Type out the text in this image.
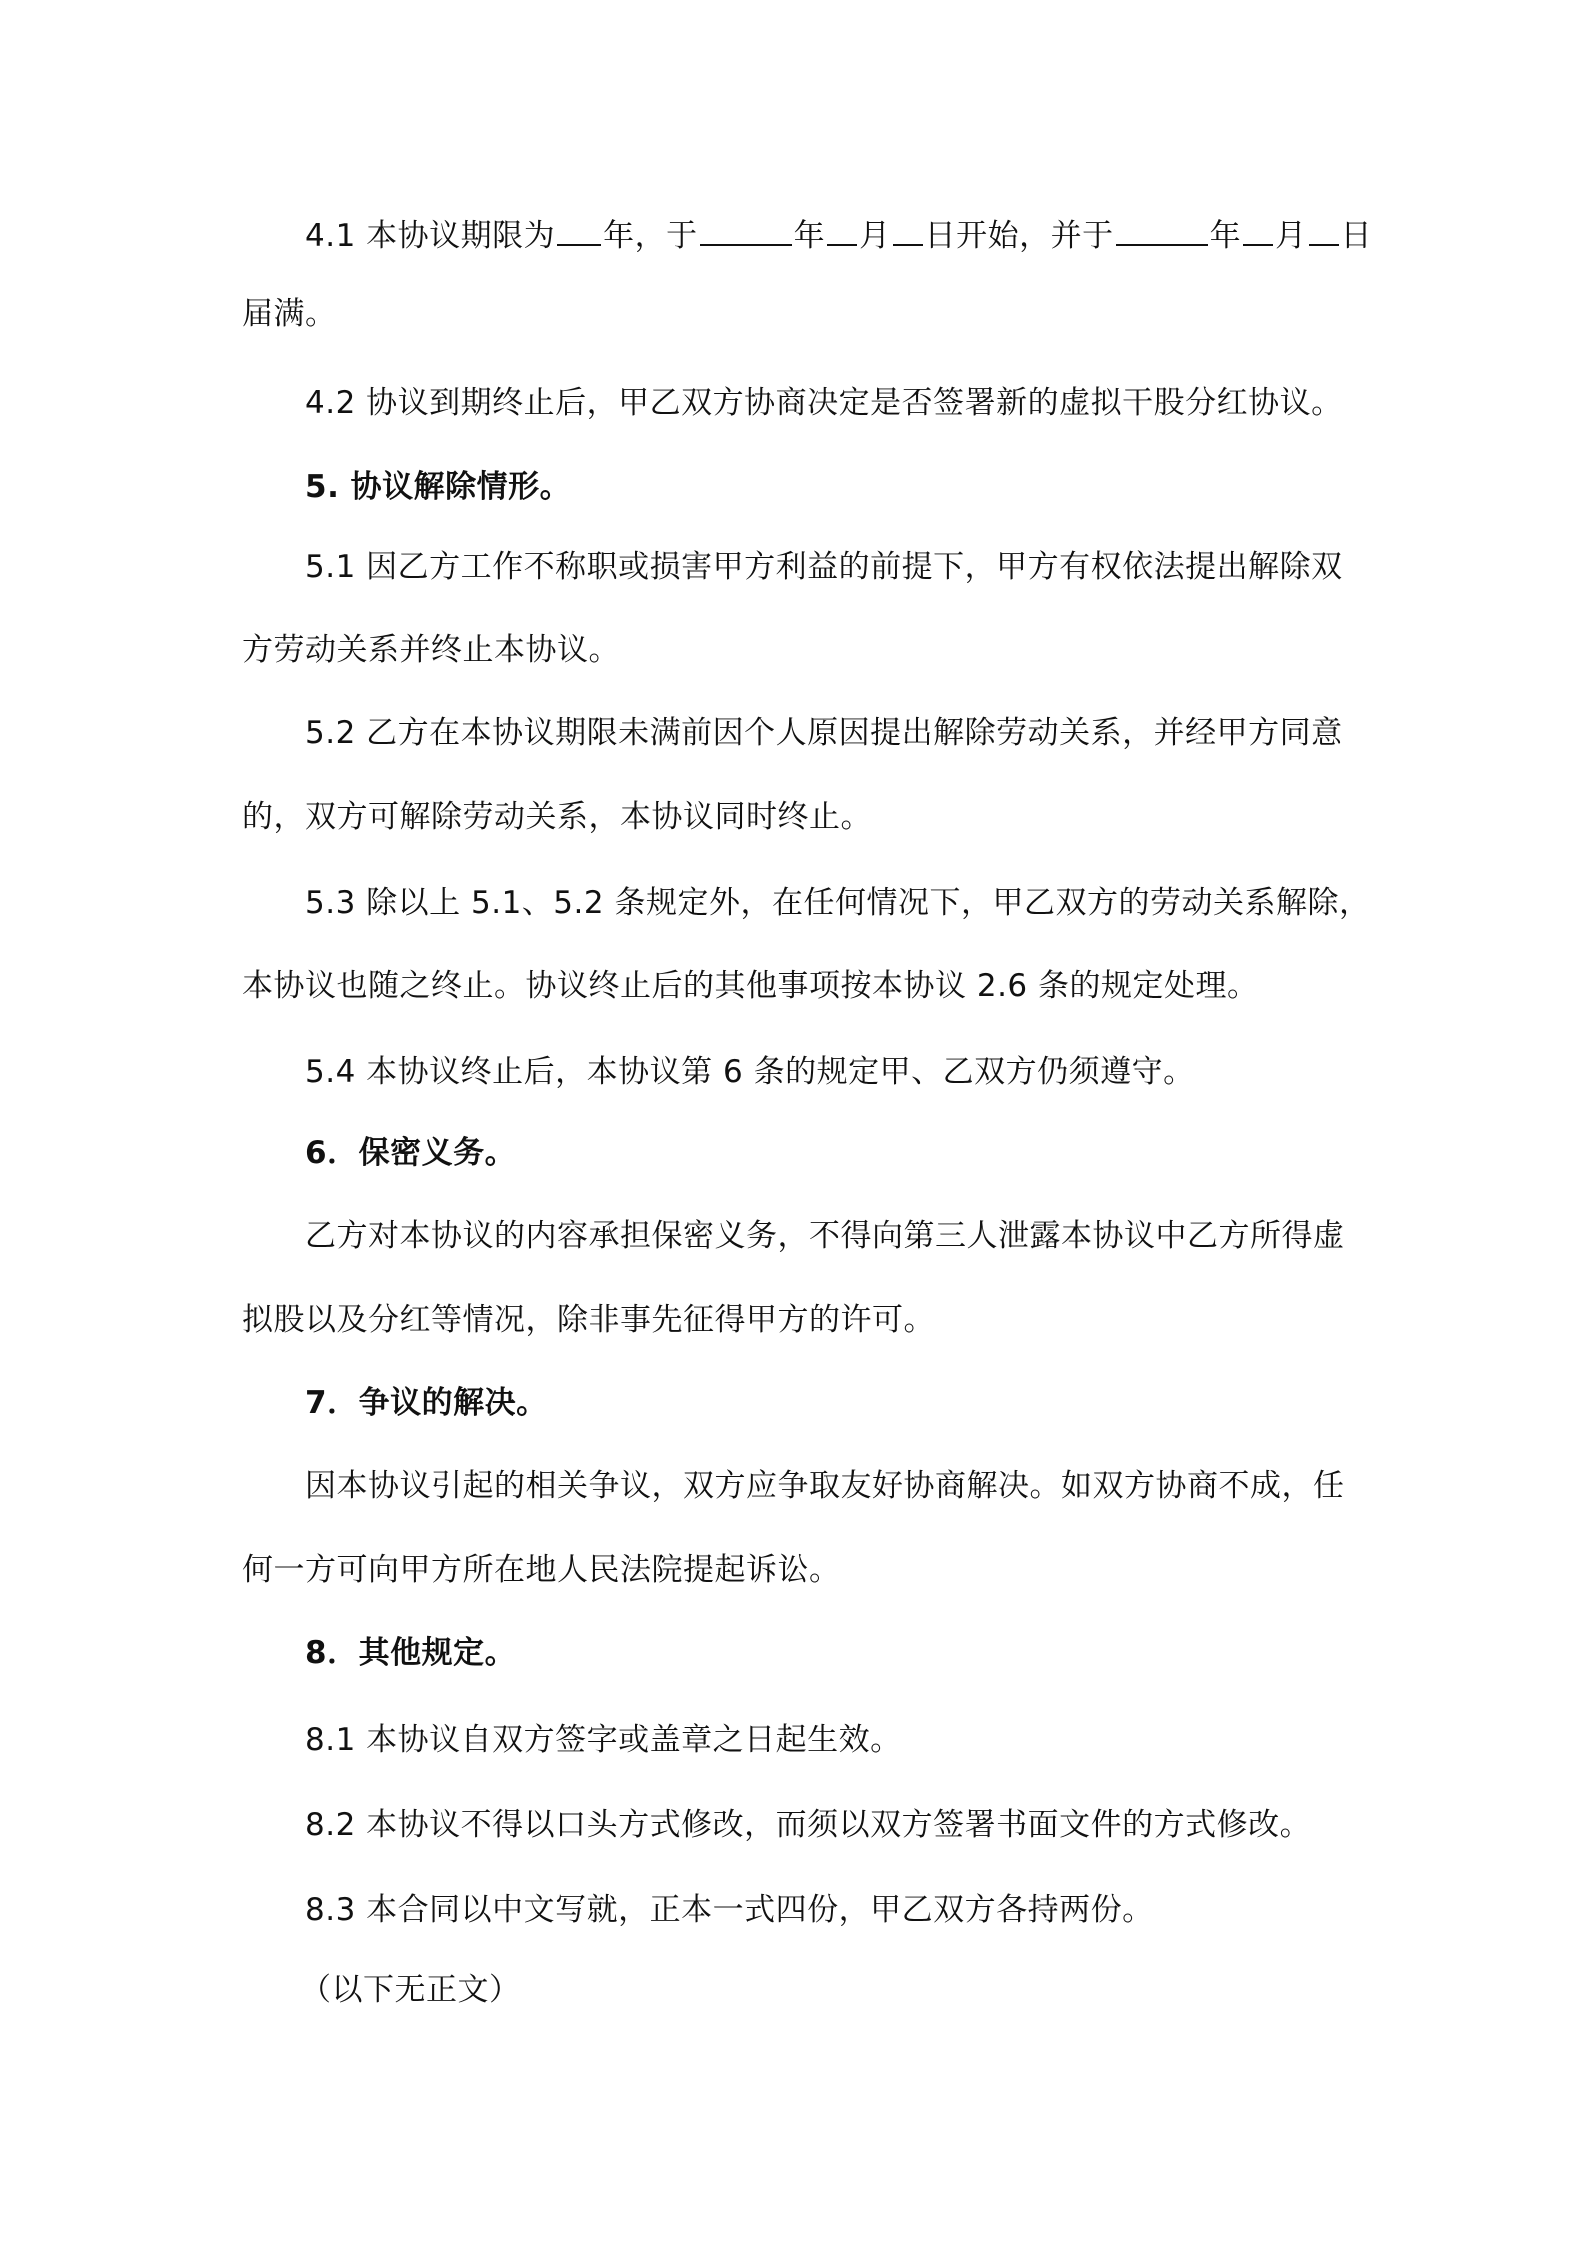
4.1 本协议期限为 年，于	年 月 日开始，并于	年 月 日
届满。
4.2 协议到期终止后，甲乙双方协商决定是否签署新的虚拟干股分红协议。
5. 协议解除情形。
5.1 因乙方工作不称职或损害甲方利益的前提下，甲方有权依法提出解除双
方劳动关系并终止本协议。
5.2 乙方在本协议期限未满前因个人原因提出解除劳动关系，并经甲方同意
的，双方可解除劳动关系，本协议同时终止。
5.3 除以上 5.1、5.2 条规定外，在任何情况下，甲乙双方的劳动关系解除，
本协议也随之终止。协议终止后的其他事项按本协议 2.6 条的规定处理。
5.4 本协议终止后，本协议第 6 条的规定甲、乙双方仍须遵守。
6．保密义务。
乙方对本协议的内容承担保密义务，不得向第三人泄露本协议中乙方所得虚
拟股以及分红等情况，除非事先征得甲方的许可。
7．争议的解决。
因本协议引起的相关争议，双方应争取友好协商解决。如双方协商不成，任
何一方可向甲方所在地人民法院提起诉讼。
8．其他规定。
8.1 本协议自双方签字或盖章之日起生效。
8.2 本协议不得以口头方式修改，而须以双方签署书面文件的方式修改。
8.3 本合同以中文写就，正本一式四份，甲乙双方各持两份。
（以下无正文）
